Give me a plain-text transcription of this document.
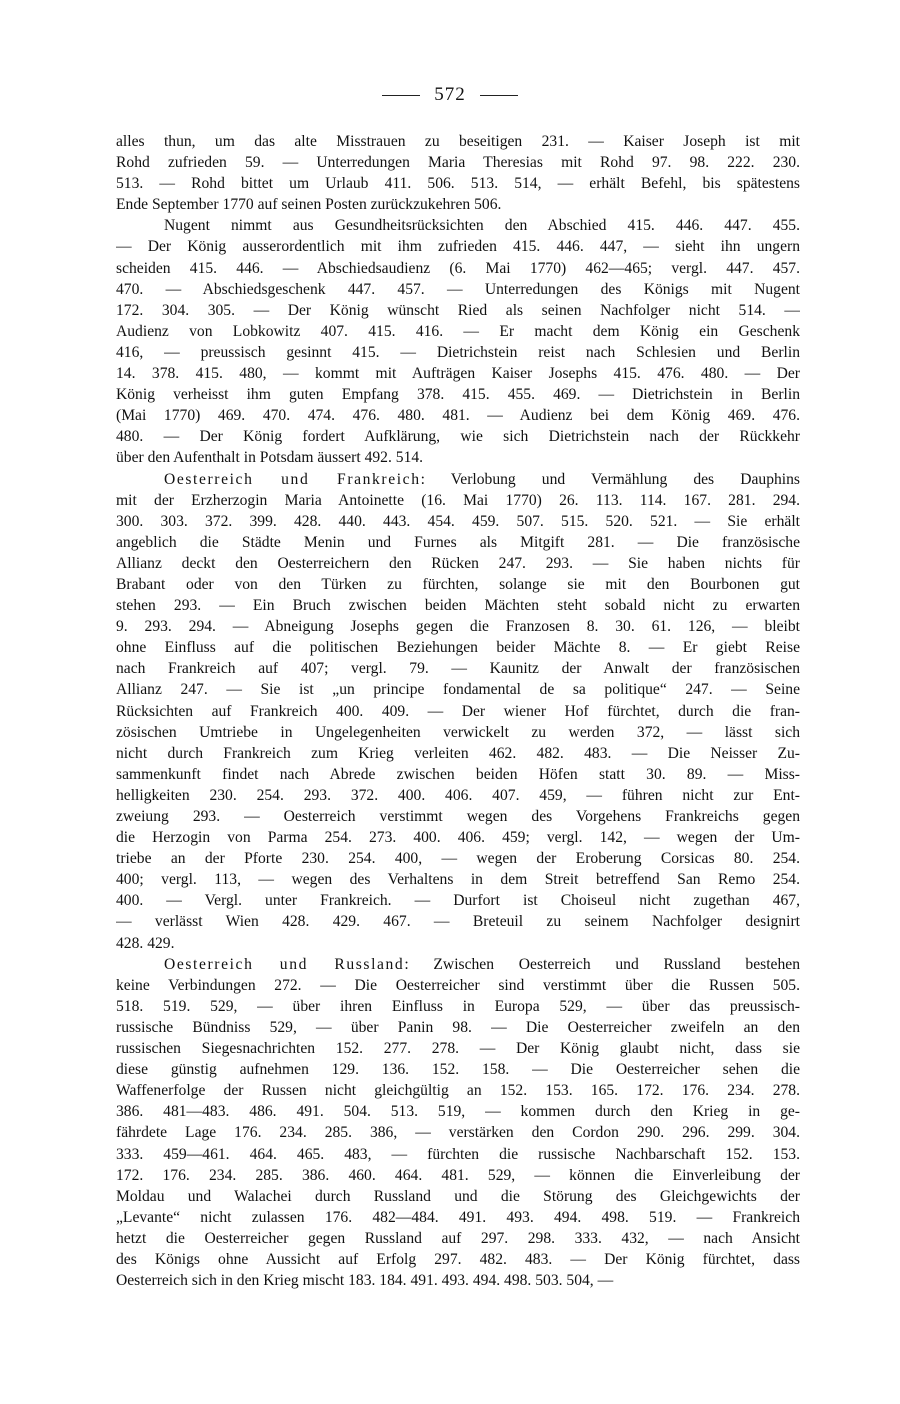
572
alles thun, um das alte Misstrauen zu beseitigen 231. — Kaiser Joseph ist mit
Rohd zufrieden 59. — Unterredungen Maria Theresias mit Rohd 97. 98. 222. 230.
513. — Rohd bittet um Urlaub 411. 506. 513. 514, — erhält Befehl, bis spätestens
Ende September 1770 auf seinen Posten zurückzukehren 506.
Nugent nimmt aus Gesundheitsrücksichten den Abschied 415. 446. 447. 455.
— Der König ausserordentlich mit ihm zufrieden 415. 446. 447, — sieht ihn ungern
scheiden 415. 446. — Abschiedsaudienz (6. Mai 1770) 462—465; vergl. 447. 457.
470. — Abschiedsgeschenk 447. 457. — Unterredungen des Königs mit Nugent
172. 304. 305. — Der König wünscht Ried als seinen Nachfolger nicht 514. —
Audienz von Lobkowitz 407. 415. 416. — Er macht dem König ein Geschenk
416, — preussisch gesinnt 415. — Dietrichstein reist nach Schlesien und Berlin
14. 378. 415. 480, — kommt mit Aufträgen Kaiser Josephs 415. 476. 480. — Der
König verheisst ihm guten Empfang 378. 415. 455. 469. — Dietrichstein in Berlin
(Mai 1770) 469. 470. 474. 476. 480. 481. — Audienz bei dem König 469. 476.
480. — Der König fordert Aufklärung, wie sich Dietrichstein nach der Rückkehr
über den Aufenthalt in Potsdam äussert 492. 514.
Oesterreich und Frankreich: Verlobung und Vermählung des Dauphins
mit der Erzherzogin Maria Antoinette (16. Mai 1770) 26. 113. 114. 167. 281. 294.
300. 303. 372. 399. 428. 440. 443. 454. 459. 507. 515. 520. 521. — Sie erhält
angeblich die Städte Menin und Furnes als Mitgift 281. — Die französische
Allianz deckt den Oesterreichern den Rücken 247. 293. — Sie haben nichts für
Brabant oder von den Türken zu fürchten, solange sie mit den Bourbonen gut
stehen 293. — Ein Bruch zwischen beiden Mächten steht sobald nicht zu erwarten
9. 293. 294. — Abneigung Josephs gegen die Franzosen 8. 30. 61. 126, — bleibt
ohne Einfluss auf die politischen Beziehungen beider Mächte 8. — Er giebt Reise
nach Frankreich auf 407; vergl. 79. — Kaunitz der Anwalt der französischen
Allianz 247. — Sie ist „un principe fondamental de sa politique“ 247. — Seine
Rücksichten auf Frankreich 400. 409. — Der wiener Hof fürchtet, durch die fran-
zösischen Umtriebe in Ungelegenheiten verwickelt zu werden 372, — lässt sich
nicht durch Frankreich zum Krieg verleiten 462. 482. 483. — Die Neisser Zu-
sammenkunft findet nach Abrede zwischen beiden Höfen statt 30. 89. — Miss-
helligkeiten 230. 254. 293. 372. 400. 406. 407. 459, — führen nicht zur Ent-
zweiung 293. — Oesterreich verstimmt wegen des Vorgehens Frankreichs gegen
die Herzogin von Parma 254. 273. 400. 406. 459; vergl. 142, — wegen der Um-
triebe an der Pforte 230. 254. 400, — wegen der Eroberung Corsicas 80. 254.
400; vergl. 113, — wegen des Verhaltens in dem Streit betreffend San Remo 254.
400. — Vergl. unter Frankreich. — Durfort ist Choiseul nicht zugethan 467,
— verlässt Wien 428. 429. 467. — Breteuil zu seinem Nachfolger designirt
428. 429.
Oesterreich und Russland: Zwischen Oesterreich und Russland bestehen
keine Verbindungen 272. — Die Oesterreicher sind verstimmt über die Russen 505.
518. 519. 529, — über ihren Einfluss in Europa 529, — über das preussisch-
russische Bündniss 529, — über Panin 98. — Die Oesterreicher zweifeln an den
russischen Siegesnachrichten 152. 277. 278. — Der König glaubt nicht, dass sie
diese günstig aufnehmen 129. 136. 152. 158. — Die Oesterreicher sehen die
Waffenerfolge der Russen nicht gleichgültig an 152. 153. 165. 172. 176. 234. 278.
386. 481—483. 486. 491. 504. 513. 519, — kommen durch den Krieg in ge-
fährdete Lage 176. 234. 285. 386, — verstärken den Cordon 290. 296. 299. 304.
333. 459—461. 464. 465. 483, — fürchten die russische Nachbarschaft 152. 153.
172. 176. 234. 285. 386. 460. 464. 481. 529, — können die Einverleibung der
Moldau und Walachei durch Russland und die Störung des Gleichgewichts der
„Levante“ nicht zulassen 176. 482—484. 491. 493. 494. 498. 519. — Frankreich
hetzt die Oesterreicher gegen Russland auf 297. 298. 333. 432, — nach Ansicht
des Königs ohne Aussicht auf Erfolg 297. 482. 483. — Der König fürchtet, dass
Oesterreich sich in den Krieg mischt 183. 184. 491. 493. 494. 498. 503. 504, —
